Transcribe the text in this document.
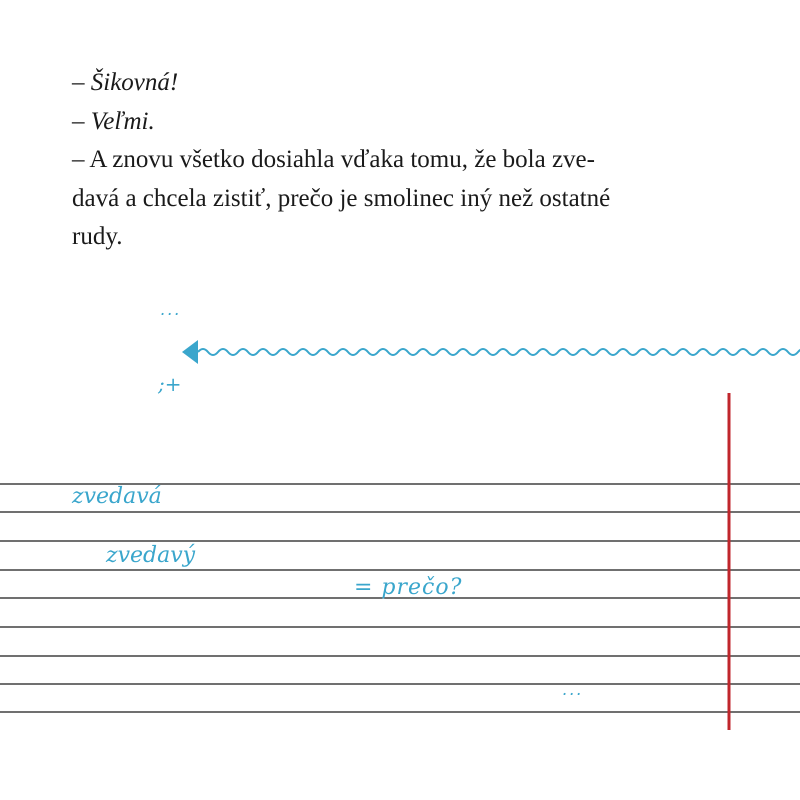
– Šikovná!
– Veľmi.
– A znovu všetko dosiahla vďaka tomu, že bola zve-
davá a chcela zistiť, prečo je smolinec iný než ostatné
rudy.
...
;+
zvedavá
zvedavý
= prečo?
...
